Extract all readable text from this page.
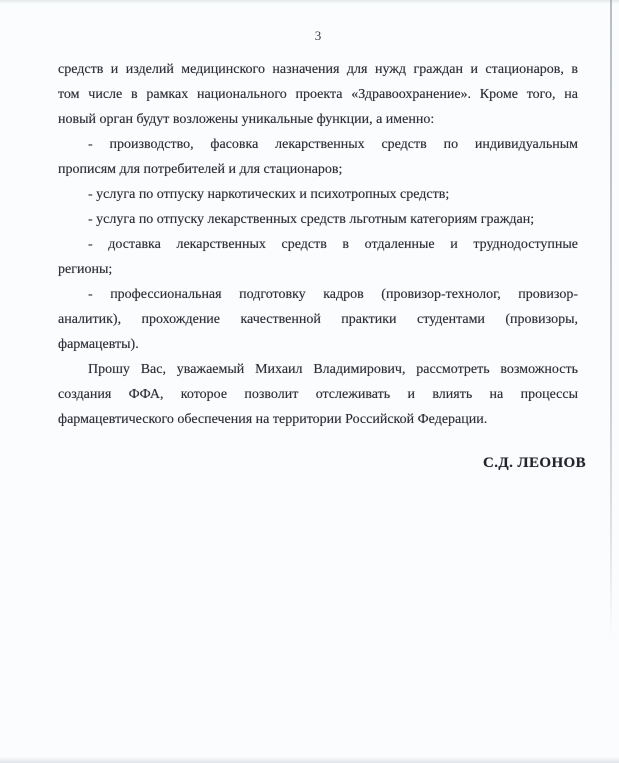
3

средств и изделий медицинского назначения для нужд граждан и стационаров, в

том числе в рамках национального проекта «Здравоохранение». Кроме того, на

новый орган будут возложены уникальные функции, а именно:

- производство, фасовка лекарственных средств по индивидуальным

прописям для потребителей и для стационаров;

- услуга по отпуску наркотических и психотропных средств;

- услуга по отпуску лекарственных средств льготным категориям граждан;

- доставка лекарственных средств в отдаленные и труднодоступные

регионы;

- профессиональная подготовку кадров (провизор-технолог, провизор-

аналитик), прохождение качественной практики студентами (провизоры,

фармацевты).

Прошу Вас, уважаемый Михаил Владимирович, рассмотреть возможность

создания ФФА, которое позволит отслеживать и влиять на процессы

фармацевтического обеспечения на территории Российской Федерации.

С.Д. ЛЕОНОВ
